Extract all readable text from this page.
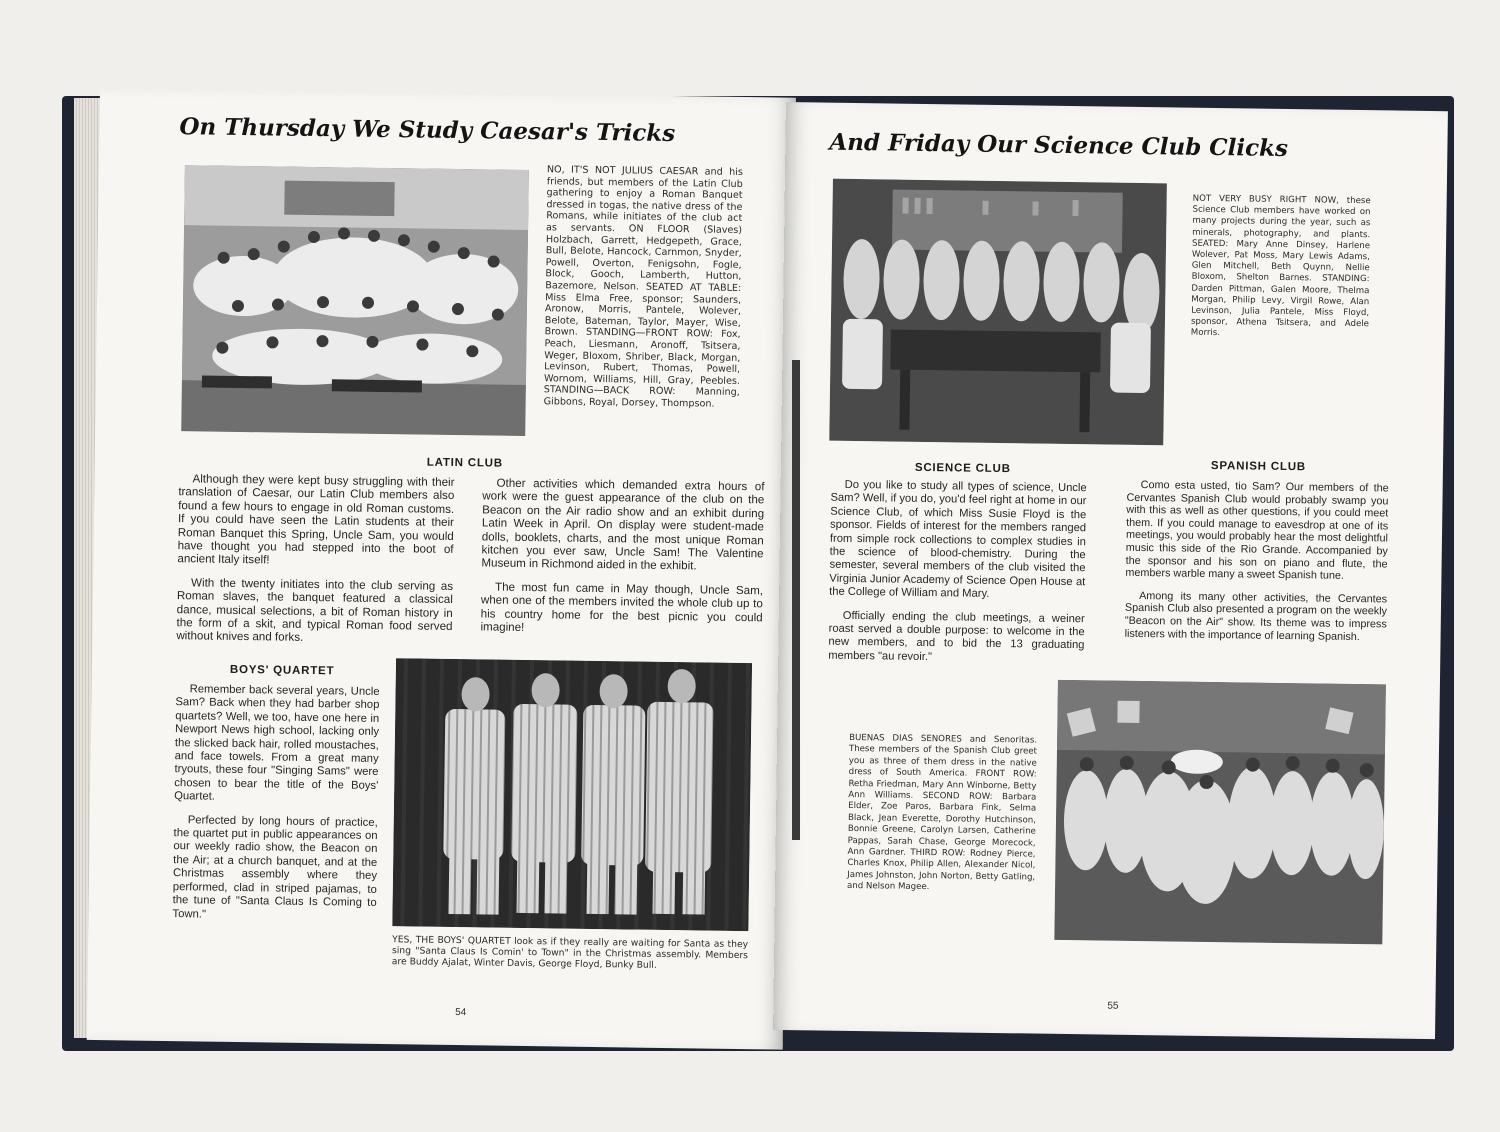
On Thursday We Study Caesar's Tricks
NO, IT'S NOT JULIUS CAESAR and his friends, but members of the Latin Club gathering to enjoy a Roman Banquet dressed in togas, the native dress of the Romans, while initiates of the club act as servants. ON FLOOR (Slaves) Holzbach, Garrett, Hedgepeth, Grace, Bull, Belote, Hancock, Carnmon, Snyder, Powell, Overton, Fenigsohn, Fogle, Block, Gooch, Lamberth, Hutton, Bazemore, Nelson. SEATED AT TABLE: Miss Elma Free, sponsor; Saunders, Aronow, Morris, Pantele, Wolever, Belote, Bateman, Taylor, Mayer, Wise, Brown. STANDING—FRONT ROW: Fox, Peach, Liesmann, Aronoff, Tsitsera, Weger, Bloxom, Shriber, Black, Morgan, Levinson, Rubert, Thomas, Powell, Wornom, Williams, Hill, Gray, Peebles. STANDING—BACK ROW: Manning, Gibbons, Royal, Dorsey, Thompson.
LATIN CLUB

Although they were kept busy struggling with their translation of Caesar, our Latin Club members also found a few hours to engage in old Roman customs. If you could have seen the Latin students at their Roman Banquet this Spring, Uncle Sam, you would have thought you had stepped into the boot of ancient Italy itself!

With the twenty initiates into the club serving as Roman slaves, the banquet featured a classical dance, musical selections, a bit of Roman history in the form of a skit, and typical Roman food served without knives and forks.

Other activities which demanded extra hours of work were the guest appearance of the club on the Beacon on the Air radio show and an exhibit during Latin Week in April. On display were student-made dolls, booklets, charts, and the most unique Roman kitchen you ever saw, Uncle Sam! The Valentine Museum in Richmond aided in the exhibit.

The most fun came in May though, Uncle Sam, when one of the members invited the whole club up to his country home for the best picnic you could imagine!

BOYS' QUARTET

Remember back several years, Uncle Sam? Back when they had barber shop quartets? Well, we too, have one here in Newport News high school, lacking only the slicked back hair, rolled moustaches, and face towels. From a great many tryouts, these four "Singing Sams" were chosen to bear the title of the Boys' Quartet.

Perfected by long hours of practice, the quartet put in public appearances on our weekly radio show, the Beacon on the Air; at a church banquet, and at the Christmas assembly where they performed, clad in striped pajamas, to the tune of "Santa Claus Is Coming to Town."

YES, THE BOYS' QUARTET look as if they really are waiting for Santa as they sing "Santa Claus Is Comin' to Town" in the Christmas assembly. Members are Buddy Ajalat, Winter Davis, George Floyd, Bunky Bull.
54
And Friday Our Science Club Clicks
NOT VERY BUSY RIGHT NOW, these Science Club members have worked on many projects during the year, such as minerals, photography, and plants. SEATED: Mary Anne Dinsey, Harlene Wolever, Pat Moss, Mary Lewis Adams, Glen Mitchell, Beth Quynn, Nellie Bloxom, Shelton Barnes. STANDING: Darden Pittman, Galen Moore, Thelma Morgan, Philip Levy, Virgil Rowe, Alan Levinson, Julia Pantele, Miss Floyd, sponsor, Athena Tsitsera, and Adele Morris.
SCIENCE CLUB

Do you like to study all types of science, Uncle Sam? Well, if you do, you'd feel right at home in our Science Club, of which Miss Susie Floyd is the sponsor. Fields of interest for the members ranged from simple rock collections to complex studies in the science of blood-chemistry. During the semester, several members of the club visited the Virginia Junior Academy of Science Open House at the College of William and Mary.

Officially ending the club meetings, a weiner roast served a double purpose: to welcome in the new members, and to bid the 13 graduating members "au revoir."

SPANISH CLUB

Como esta usted, tio Sam? Our members of the Cervantes Spanish Club would probably swamp you with this as well as other questions, if you could meet them. If you could manage to eavesdrop at one of its meetings, you would probably hear the most delightful music this side of the Rio Grande. Accompanied by the sponsor and his son on piano and flute, the members warble many a sweet Spanish tune.

Among its many other activities, the Cervantes Spanish Club also presented a program on the weekly "Beacon on the Air" show. Its theme was to impress listeners with the importance of learning Spanish.

BUENAS DIAS SENORES and Senoritas. These members of the Spanish Club greet you as three of them dress in the native dress of South America. FRONT ROW: Retha Friedman, Mary Ann Winborne, Betty Ann Williams. SECOND ROW: Barbara Elder, Zoe Paros, Barbara Fink, Selma Black, Jean Everette, Dorothy Hutchinson, Bonnie Greene, Carolyn Larsen, Catherine Pappas, Sarah Chase, George Morecock, Ann Gardner. THIRD ROW: Rodney Pierce, Charles Knox, Philip Allen, Alexander Nicol, James Johnston, John Norton, Betty Gatling, and Nelson Magee.
55
